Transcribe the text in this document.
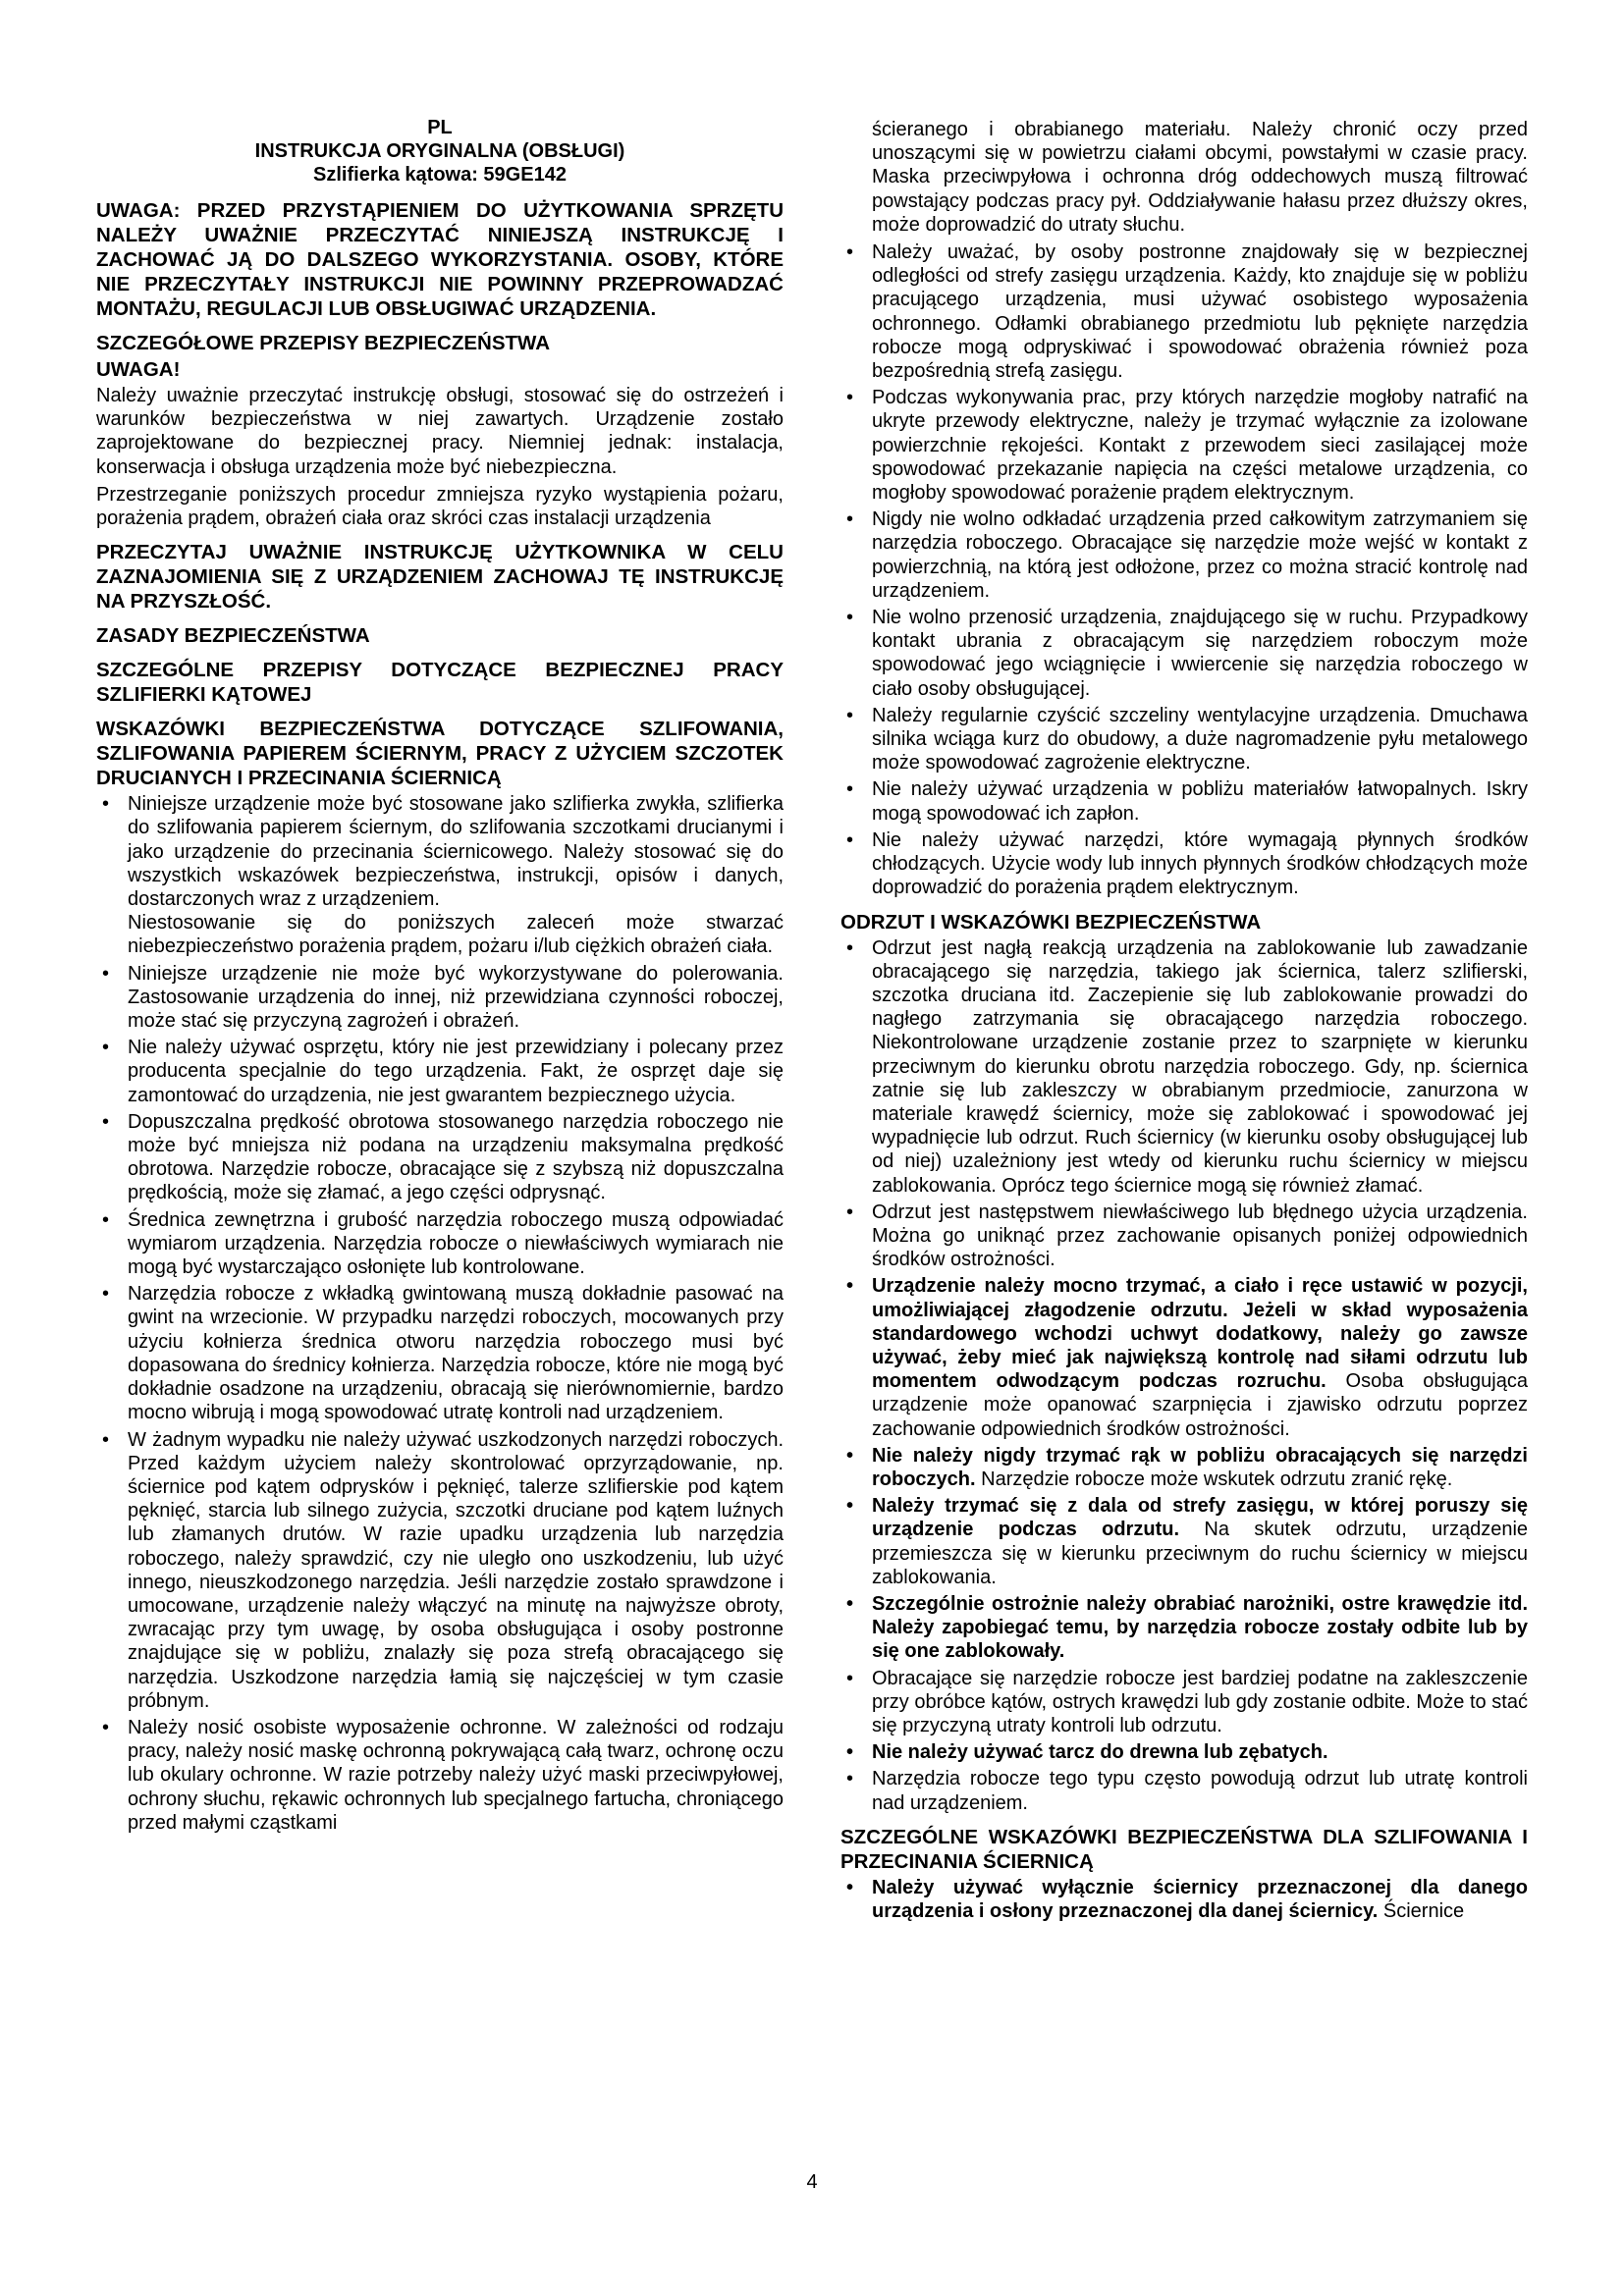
PL

INSTRUKCJA ORYGINALNA (OBSŁUGI)

Szlifierka kątowa: 59GE142

UWAGA: PRZED PRZYSTĄPIENIEM DO UŻYTKOWANIA SPRZĘTU NALEŻY UWAŻNIE PRZECZYTAĆ NINIEJSZĄ INSTRUKCJĘ I ZACHOWAĆ JĄ DO DALSZEGO WYKORZYSTANIA. OSOBY, KTÓRE NIE PRZECZYTAŁY INSTRUKCJI NIE POWINNY PRZEPROWADZAĆ MONTAŻU, REGULACJI LUB OBSŁUGIWAĆ URZĄDZENIA.
SZCZEGÓŁOWE PRZEPISY BEZPIECZEŃSTWA
UWAGA!

Należy uważnie przeczytać instrukcję obsługi, stosować się do ostrzeżeń i warunków bezpieczeństwa w niej zawartych. Urządzenie zostało zaprojektowane do bezpiecznej pracy. Niemniej jednak: instalacja, konserwacja i obsługa urządzenia może być niebezpieczna.

Przestrzeganie poniższych procedur zmniejsza ryzyko wystąpienia pożaru, porażenia prądem, obrażeń ciała oraz skróci czas instalacji urządzenia

PRZECZYTAJ UWAŻNIE INSTRUKCJĘ UŻYTKOWNIKA W CELU ZAZNAJOMIENIA SIĘ Z URZĄDZENIEM ZACHOWAJ TĘ INSTRUKCJĘ NA PRZYSZŁOŚĆ.
ZASADY BEZPIECZEŃSTWA
SZCZEGÓLNE PRZEPISY DOTYCZĄCE BEZPIECZNEJ PRACY SZLIFIERKI KĄTOWEJ
WSKAZÓWKI BEZPIECZEŃSTWA DOTYCZĄCE SZLIFOWANIA, SZLIFOWANIA PAPIEREM ŚCIERNYM, PRACY Z UŻYCIEM SZCZOTEK DRUCIANYCH I PRZECINANIA ŚCIERNICĄ
• Niniejsze urządzenie może być stosowane jako szlifierka zwykła, szlifierka do szlifowania papierem ściernym, do szlifowania szczotkami drucianymi i jako urządzenie do przecinania ściernicowego. Należy stosować się do wszystkich wskazówek bezpieczeństwa, instrukcji, opisów i danych, dostarczonych wraz z urządzeniem.
Niestosowanie się do poniższych zaleceń może stwarzać niebezpieczeństwo porażenia prądem, pożaru i/lub ciężkich obrażeń ciała.
• Niniejsze urządzenie nie może być wykorzystywane do polerowania. Zastosowanie urządzenia do innej, niż przewidziana czynności roboczej, może stać się przyczyną zagrożeń i obrażeń.
• Nie należy używać osprzętu, który nie jest przewidziany i polecany przez producenta specjalnie do tego urządzenia. Fakt, że osprzęt daje się zamontować do urządzenia, nie jest gwarantem bezpiecznego użycia.
• Dopuszczalna prędkość obrotowa stosowanego narzędzia roboczego nie może być mniejsza niż podana na urządzeniu maksymalna prędkość obrotowa. Narzędzie robocze, obracające się z szybszą niż dopuszczalna prędkością, może się złamać, a jego części odprysnąć.
• Średnica zewnętrzna i grubość narzędzia roboczego muszą odpowiadać wymiarom urządzenia. Narzędzia robocze o niewłaściwych wymiarach nie mogą być wystarczająco osłonięte lub kontrolowane.
• Narzędzia robocze z wkładką gwintowaną muszą dokładnie pasować na gwint na wrzecionie. W przypadku narzędzi roboczych, mocowanych przy użyciu kołnierza średnica otworu narzędzia roboczego musi być dopasowana do średnicy kołnierza. Narzędzia robocze, które nie mogą być dokładnie osadzone na urządzeniu, obracają się nierównomiernie, bardzo mocno wibrują i mogą spowodować utratę kontroli nad urządzeniem.
• W żadnym wypadku nie należy używać uszkodzonych narzędzi roboczych. Przed każdym użyciem należy skontrolować oprzyrządowanie, np. ściernice pod kątem odprysków i pęknięć, talerze szlifierskie pod kątem pęknięć, starcia lub silnego zużycia, szczotki druciane pod kątem luźnych lub złamanych drutów. W razie upadku urządzenia lub narzędzia roboczego, należy sprawdzić, czy nie uległo ono uszkodzeniu, lub użyć innego, nieuszkodzonego narzędzia. Jeśli narzędzie zostało sprawdzone i umocowane, urządzenie należy włączyć na minutę na najwyższe obroty, zwracając przy tym uwagę, by osoba obsługująca i osoby postronne znajdujące się w pobliżu, znalazły się poza strefą obracającego się narzędzia. Uszkodzone narzędzia łamią się najczęściej w tym czasie próbnym.
• Należy nosić osobiste wyposażenie ochronne. W zależności od rodzaju pracy, należy nosić maskę ochronną pokrywającą całą twarz, ochronę oczu lub okulary ochronne. W razie potrzeby należy użyć maski przeciwpyłowej, ochrony słuchu, rękawic ochronnych lub specjalnego fartucha, chroniącego przed małymi cząstkami

ścieranego i obrabianego materiału. Należy chronić oczy przed unoszącymi się w powietrzu ciałami obcymi, powstałymi w czasie pracy. Maska przeciwpyłowa i ochronna dróg oddechowych muszą filtrować powstający podczas pracy pył. Oddziaływanie hałasu przez dłuższy okres, może doprowadzić do utraty słuchu.

• Należy uważać, by osoby postronne znajdowały się w bezpiecznej odległości od strefy zasięgu urządzenia. Każdy, kto znajduje się w pobliżu pracującego urządzenia, musi używać osobistego wyposażenia ochronnego. Odłamki obrabianego przedmiotu lub pęknięte narzędzia robocze mogą odpryskiwać i spowodować obrażenia również poza bezpośrednią strefą zasięgu.
• Podczas wykonywania prac, przy których narzędzie mogłoby natrafić na ukryte przewody elektryczne, należy je trzymać wyłącznie za izolowane powierzchnie rękojeści. Kontakt z przewodem sieci zasilającej może spowodować przekazanie napięcia na części metalowe urządzenia, co mogłoby spowodować porażenie prądem elektrycznym.
• Nigdy nie wolno odkładać urządzenia przed całkowitym zatrzymaniem się narzędzia roboczego. Obracające się narzędzie może wejść w kontakt z powierzchnią, na którą jest odłożone, przez co można stracić kontrolę nad urządzeniem.
• Nie wolno przenosić urządzenia, znajdującego się w ruchu. Przypadkowy kontakt ubrania z obracającym się narzędziem roboczym może spowodować jego wciągnięcie i wwiercenie się narzędzia roboczego w ciało osoby obsługującej.
• Należy regularnie czyścić szczeliny wentylacyjne urządzenia. Dmuchawa silnika wciąga kurz do obudowy, a duże nagromadzenie pyłu metalowego może spowodować zagrożenie elektryczne.
• Nie należy używać urządzenia w pobliżu materiałów łatwopalnych. Iskry mogą spowodować ich zapłon.
• Nie należy używać narzędzi, które wymagają płynnych środków chłodzących. Użycie wody lub innych płynnych środków chłodzących może doprowadzić do porażenia prądem elektrycznym.
ODRZUT I WSKAZÓWKI BEZPIECZEŃSTWA
• Odrzut jest nagłą reakcją urządzenia na zablokowanie lub zawadzanie obracającego się narzędzia, takiego jak ściernica, talerz szlifierski, szczotka druciana itd. Zaczepienie się lub zablokowanie prowadzi do nagłego zatrzymania się obracającego narzędzia roboczego. Niekontrolowane urządzenie zostanie przez to szarpnięte w kierunku przeciwnym do kierunku obrotu narzędzia roboczego. Gdy, np. ściernica zatnie się lub zakleszczy w obrabianym przedmiocie, zanurzona w materiale krawędź ściernicy, może się zablokować i spowodować jej wypadnięcie lub odrzut. Ruch ściernicy (w kierunku osoby obsługującej lub od niej) uzależniony jest wtedy od kierunku ruchu ściernicy w miejscu zablokowania. Oprócz tego ściernice mogą się również złamać.
• Odrzut jest następstwem niewłaściwego lub błędnego użycia urządzenia. Można go uniknąć przez zachowanie opisanych poniżej odpowiednich środków ostrożności.
• Urządzenie należy mocno trzymać, a ciało i ręce ustawić w pozycji, umożliwiającej złagodzenie odrzutu. Jeżeli w skład wyposażenia standardowego wchodzi uchwyt dodatkowy, należy go zawsze używać, żeby mieć jak największą kontrolę nad siłami odrzutu lub momentem odwodzącym podczas rozruchu. Osoba obsługująca urządzenie może opanować szarpnięcia i zjawisko odrzutu poprzez zachowanie odpowiednich środków ostrożności.
• Nie należy nigdy trzymać rąk w pobliżu obracających się narzędzi roboczych. Narzędzie robocze może wskutek odrzutu zranić rękę.
• Należy trzymać się z dala od strefy zasięgu, w której poruszy się urządzenie podczas odrzutu. Na skutek odrzutu, urządzenie przemieszcza się w kierunku przeciwnym do ruchu ściernicy w miejscu zablokowania.
• Szczególnie ostrożnie należy obrabiać narożniki, ostre krawędzie itd. Należy zapobiegać temu, by narzędzia robocze zostały odbite lub by się one zablokowały.
• Obracające się narzędzie robocze jest bardziej podatne na zakleszczenie przy obróbce kątów, ostrych krawędzi lub gdy zostanie odbite. Może to stać się przyczyną utraty kontroli lub odrzutu.
• Nie należy używać tarcz do drewna lub zębatych.
• Narzędzia robocze tego typu często powodują odrzut lub utratę kontroli nad urządzeniem.
SZCZEGÓLNE WSKAZÓWKI BEZPIECZEŃSTWA DLA SZLIFOWANIA I PRZECINANIA ŚCIERNICĄ
• Należy używać wyłącznie ściernicy przeznaczonej dla danego urządzenia i osłony przeznaczonej dla danej ściernicy. Ściernice
4
